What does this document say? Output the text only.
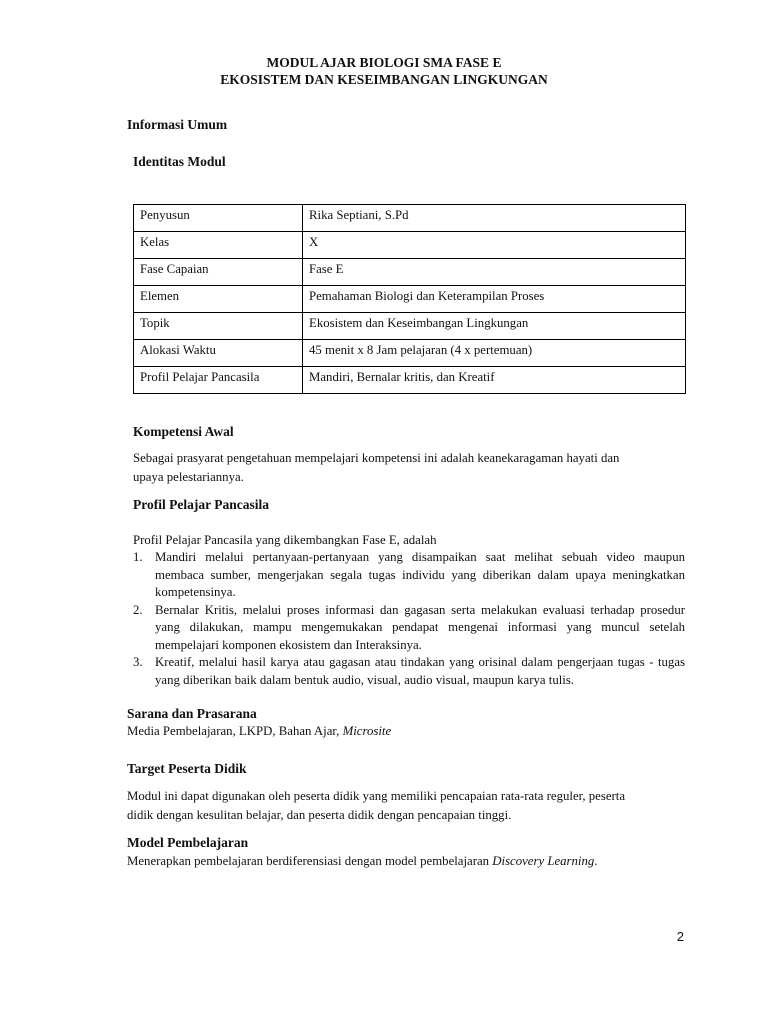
MODUL AJAR BIOLOGI SMA FASE E
EKOSISTEM DAN KESEIMBANGAN LINGKUNGAN
Informasi Umum
Identitas Modul
Penyusun	Rika Septiani, S.Pd
Kelas	X
Fase Capaian	Fase E
Elemen	Pemahaman Biologi dan Keterampilan Proses
Topik	Ekosistem dan Keseimbangan Lingkungan
Alokasi Waktu	45 menit x 8 Jam pelajaran (4 x pertemuan)
Profil Pelajar Pancasila	Mandiri, Bernalar kritis, dan Kreatif
Kompetensi Awal
Sebagai prasyarat pengetahuan mempelajari kompetensi ini adalah keanekaragaman hayati dan
upaya pelestariannya.
Profil Pelajar Pancasila
Profil Pelajar Pancasila yang dikembangkan Fase E, adalah
1. Mandiri melalui pertanyaan-pertanyaan yang disampaikan saat melihat sebuah video maupun membaca sumber, mengerjakan segala tugas individu yang diberikan dalam upaya meningkatkan kompetensinya.
2. Bernalar Kritis, melalui proses informasi dan gagasan serta melakukan evaluasi terhadap prosedur yang dilakukan, mampu mengemukakan pendapat mengenai informasi yang muncul setelah mempelajari komponen ekosistem dan Interaksinya.
3. Kreatif, melalui hasil karya atau gagasan atau tindakan yang orisinal dalam pengerjaan tugas - tugas yang diberikan baik dalam bentuk audio, visual, audio visual, maupun karya tulis.
Sarana dan Prasarana
Media Pembelajaran, LKPD, Bahan Ajar, Microsite
Target Peserta Didik
Modul ini dapat digunakan oleh peserta didik yang memiliki pencapaian rata-rata reguler, peserta
didik dengan kesulitan belajar, dan peserta didik dengan pencapaian tinggi.
Model Pembelajaran
Menerapkan pembelajaran berdiferensiasi dengan model pembelajaran Discovery Learning.
2
